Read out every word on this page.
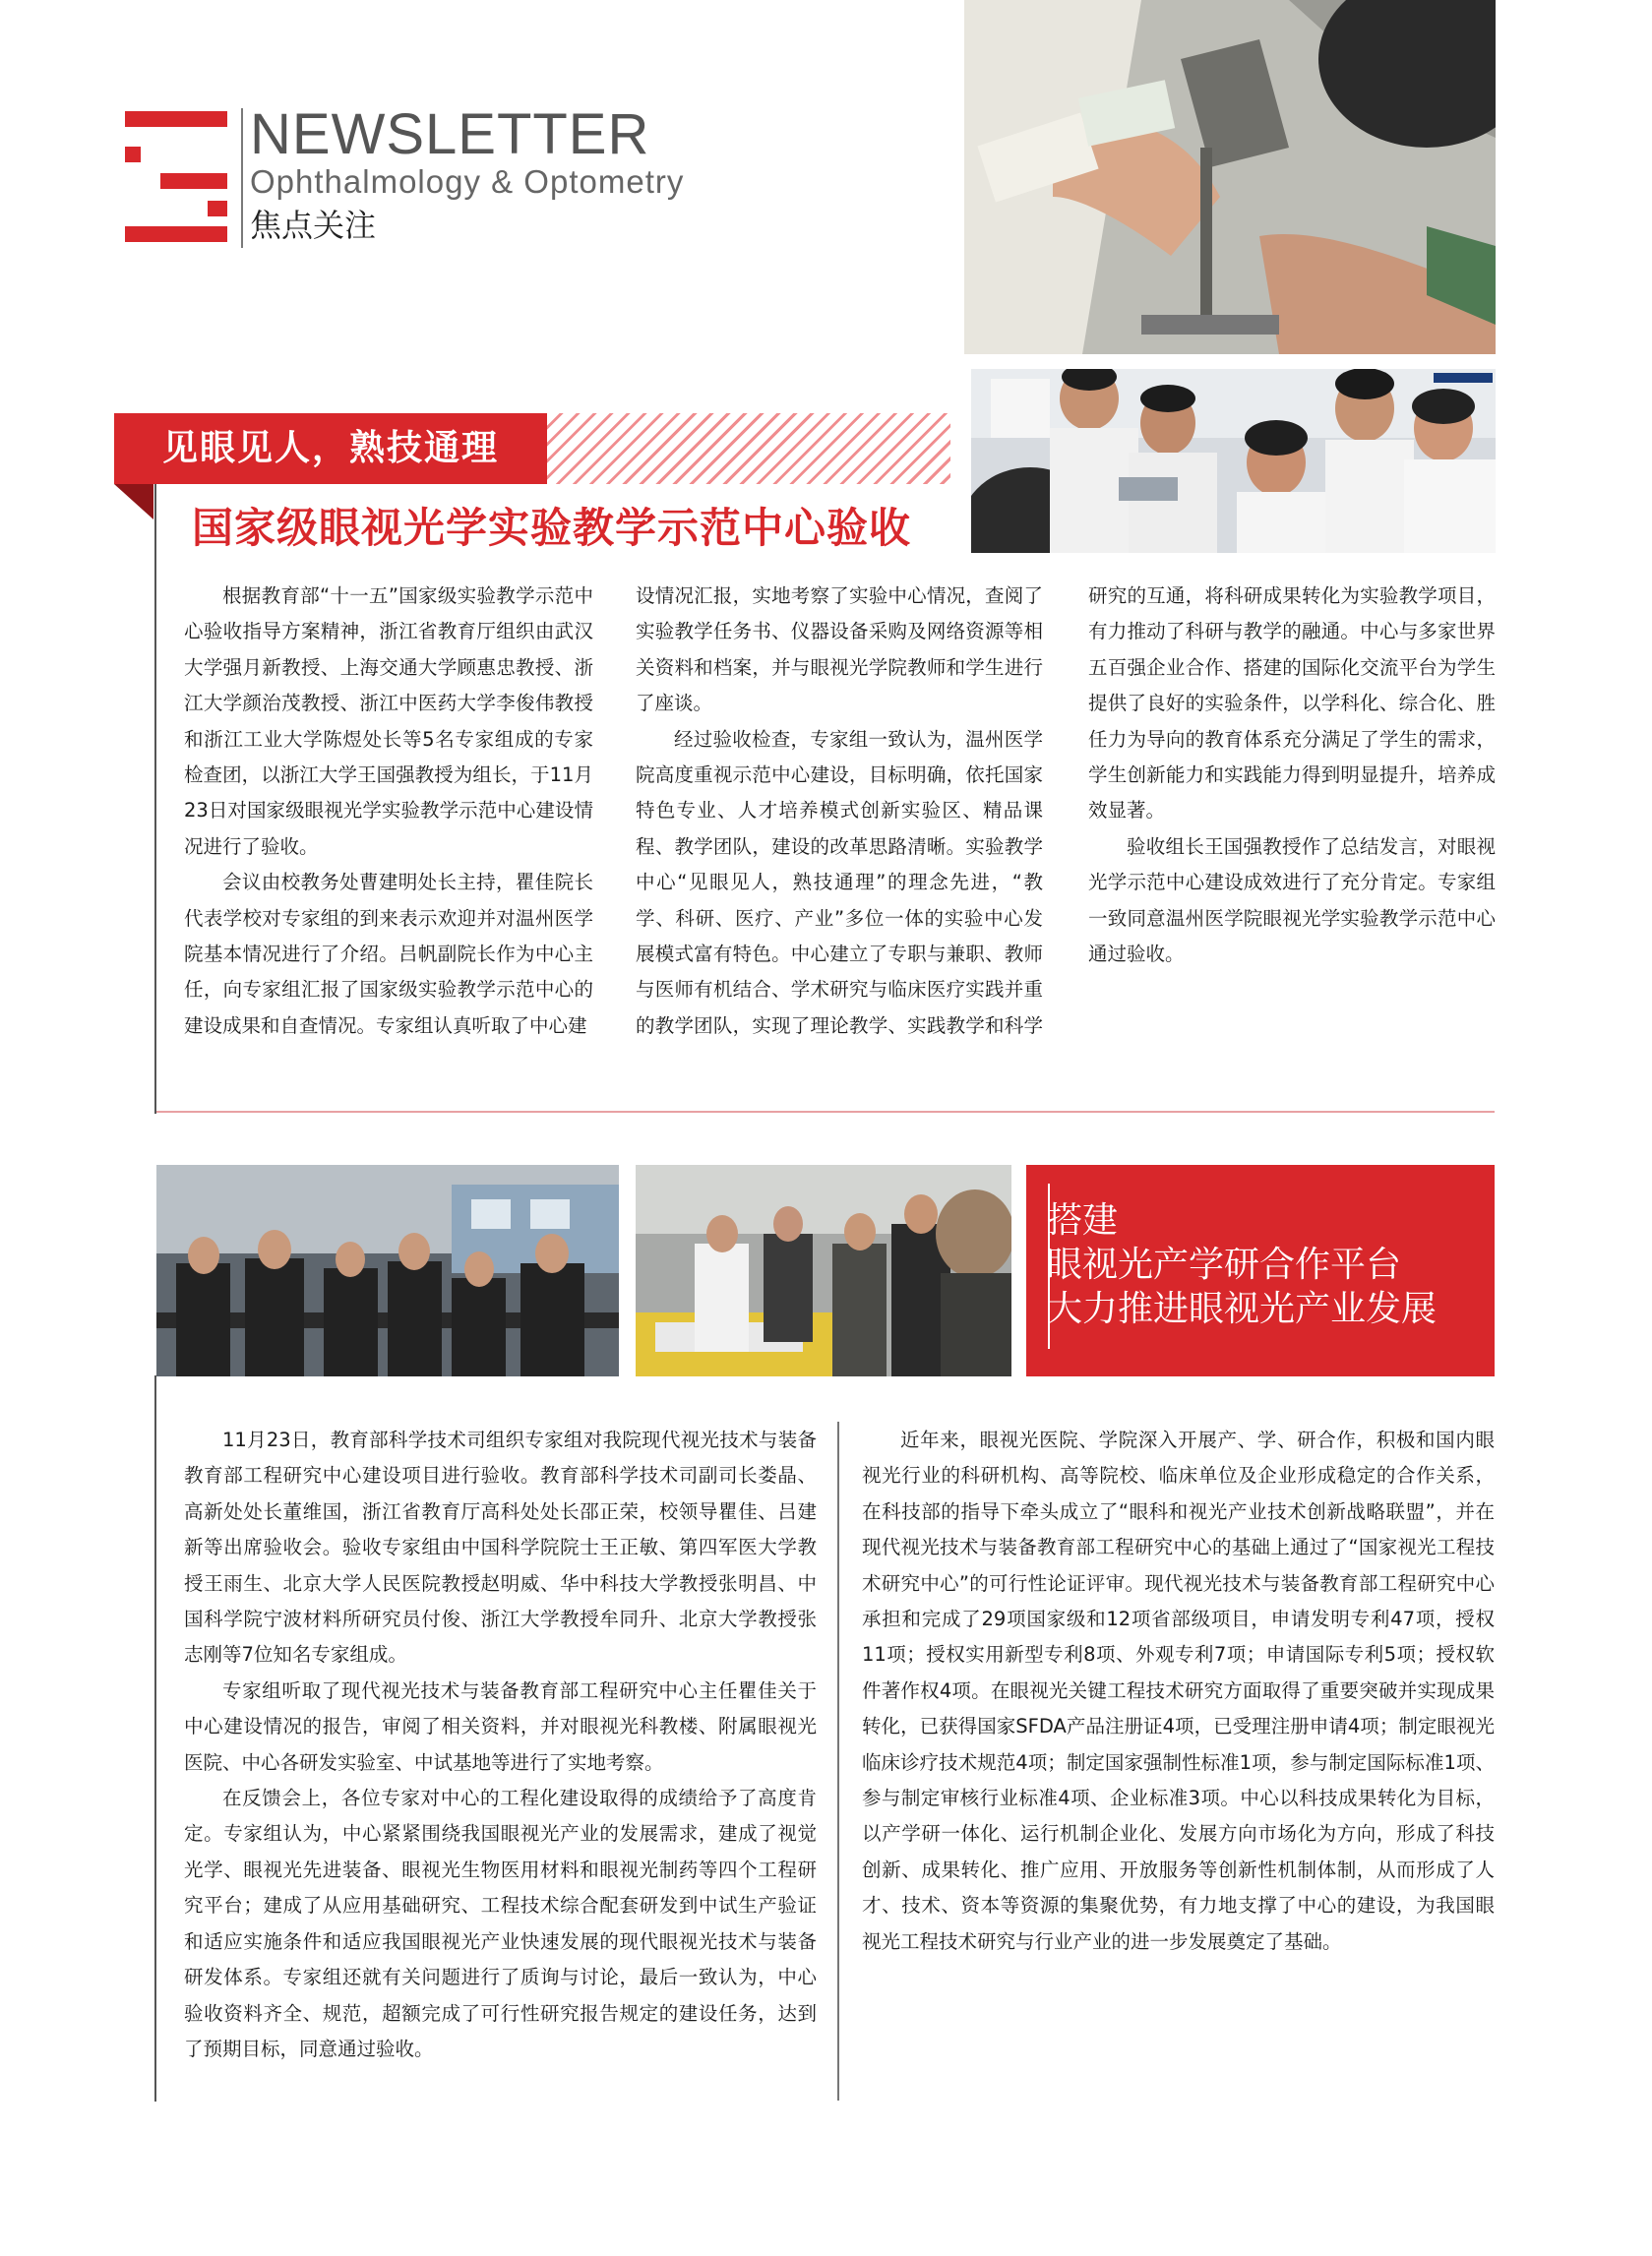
NEWSLETTER
Ophthalmology & Optometry
焦点关注
见眼见人，熟技通理
国家级眼视光学实验教学示范中心验收

根据教育部“十一五”国家级实验教学示范中心验收指导方案精神，浙江省教育厅组织由武汉大学强月新教授、上海交通大学顾惠忠教授、浙江大学颜治茂教授、浙江中医药大学李俊伟教授和浙江工业大学陈煜处长等5名专家组成的专家检查团，以浙江大学王国强教授为组长，于11月23日对国家级眼视光学实验教学示范中心建设情况进行了验收。

会议由校教务处曹建明处长主持，瞿佳院长代表学校对专家组的到来表示欢迎并对温州医学院基本情况进行了介绍。吕帆副院长作为中心主任，向专家组汇报了国家级实验教学示范中心的建设成果和自查情况。专家组认真听取了中心建

设情况汇报，实地考察了实验中心情况，查阅了实验教学任务书、仪器设备采购及网络资源等相关资料和档案，并与眼视光学院教师和学生进行了座谈。

经过验收检查，专家组一致认为，温州医学院高度重视示范中心建设，目标明确，依托国家特色专业、人才培养模式创新实验区、精品课程、教学团队，建设的改革思路清晰。实验教学中心“见眼见人，熟技通理”的理念先进，“教学、科研、医疗、产业”多位一体的实验中心发展模式富有特色。中心建立了专职与兼职、教师与医师有机结合、学术研究与临床医疗实践并重的教学团队，实现了理论教学、实践教学和科学研究的互通，将科研成果转化为实验教学项目，有力推动了科研与教学的融通。中心与多家世界五百强企业合作、搭建的国际化交流平台为学生提供了良好的实验条件，以学科化、综合化、胜任力为导向的教育体系充分满足了学生的需求，学生创新能力和实践能力得到明显提升，培养成效显著。

验收组长王国强教授作了总结发言，对眼视光学示范中心建设成效进行了充分肯定。专家组一致同意温州医学院眼视光学实验教学示范中心通过验收。

搭建
眼视光产学研合作平台
大力推进眼视光产业发展

11月23日，教育部科学技术司组织专家组对我院现代视光技术与装备教育部工程研究中心建设项目进行验收。教育部科学技术司副司长娄晶、高新处处长董维国，浙江省教育厅高科处处长邵正荣，校领导瞿佳、吕建新等出席验收会。验收专家组由中国科学院院士王正敏、第四军医大学教授王雨生、北京大学人民医院教授赵明威、华中科技大学教授张明昌、中国科学院宁波材料所研究员付俊、浙江大学教授牟同升、北京大学教授张志刚等7位知名专家组成。

专家组听取了现代视光技术与装备教育部工程研究中心主任瞿佳关于中心建设情况的报告，审阅了相关资料，并对眼视光科教楼、附属眼视光医院、中心各研发实验室、中试基地等进行了实地考察。

在反馈会上，各位专家对中心的工程化建设取得的成绩给予了高度肯定。专家组认为，中心紧紧围绕我国眼视光产业的发展需求，建成了视觉光学、眼视光先进装备、眼视光生物医用材料和眼视光制药等四个工程研究平台；建成了从应用基础研究、工程技术综合配套研发到中试生产验证和适应实施条件和适应我国眼视光产业快速发展的现代眼视光技术与装备研发体系。专家组还就有关问题进行了质询与讨论，最后一致认为，中心验收资料齐全、规范，超额完成了可行性研究报告规定的建设任务，达到了预期目标，同意通过验收。

近年来，眼视光医院、学院深入开展产、学、研合作，积极和国内眼视光行业的科研机构、高等院校、临床单位及企业形成稳定的合作关系，在科技部的指导下牵头成立了“眼科和视光产业技术创新战略联盟”，并在现代视光技术与装备教育部工程研究中心的基础上通过了“国家视光工程技术研究中心”的可行性论证评审。现代视光技术与装备教育部工程研究中心承担和完成了29项国家级和12项省部级项目，申请发明专利47项，授权11项；授权实用新型专利8项、外观专利7项；申请国际专利5项；授权软件著作权4项。在眼视光关键工程技术研究方面取得了重要突破并实现成果转化，已获得国家SFDA产品注册证4项，已受理注册申请4项；制定眼视光临床诊疗技术规范4项；制定国家强制性标准1项，参与制定国际标准1项、参与制定审核行业标准4项、企业标准3项。中心以科技成果转化为目标，以产学研一体化、运行机制企业化、发展方向市场化为方向，形成了科技创新、成果转化、推广应用、开放服务等创新性机制体制，从而形成了人才、技术、资本等资源的集聚优势，有力地支撑了中心的建设，为我国眼视光工程技术研究与行业产业的进一步发展奠定了基础。
